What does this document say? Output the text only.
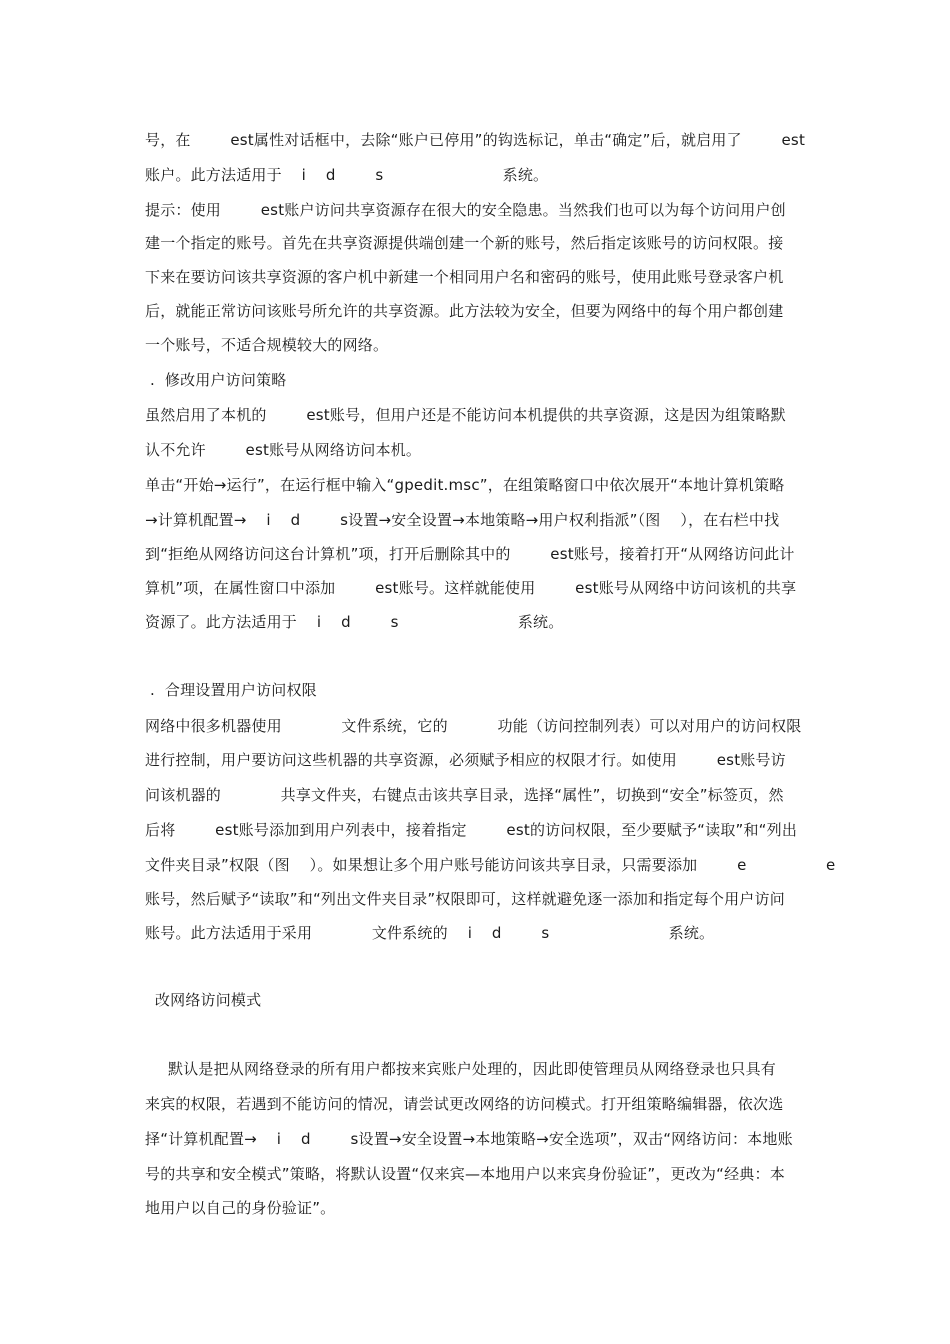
号，在        est属性对话框中，去除“账户已停用”的钩选标记，单击“确定”后，就启用了        est
账户。此方法适用于    i    d        s                        系统。
提示：使用        est账户访问共享资源存在很大的安全隐患。当然我们也可以为每个访问用户创
建一个指定的账号。首先在共享资源提供端创建一个新的账号，然后指定该账号的访问权限。接
下来在要访问该共享资源的客户机中新建一个相同用户名和密码的账号，使用此账号登录客户机
后，就能正常访问该账号所允许的共享资源。此方法较为安全，但要为网络中的每个用户都创建
一个账号，不适合规模较大的网络。
.  修改用户访问策略
虽然启用了本机的        est账号，但用户还是不能访问本机提供的共享资源，这是因为组策略默
认不允许        est账号从网络访问本机。
单击“开始→运行”，在运行框中输入“gpedit.msc”，在组策略窗口中依次展开“本地计算机策略
→计算机配置→    i    d        s设置→安全设置→本地策略→用户权利指派”（图    ），在右栏中找
到“拒绝从网络访问这台计算机”项，打开后删除其中的        est账号，接着打开“从网络访问此计
算机”项，在属性窗口中添加        est账号。这样就能使用        est账号从网络中访问该机的共享
资源了。此方法适用于    i    d        s                        系统。
.  合理设置用户访问权限
网络中很多机器使用            文件系统，它的          功能（访问控制列表）可以对用户的访问权限
进行控制，用户要访问这些机器的共享资源，必须赋予相应的权限才行。如使用        est账号访
问该机器的            共享文件夹，右键点击该共享目录，选择“属性”，切换到“安全”标签页，然
后将        est账号添加到用户列表中，接着指定        est的访问权限，至少要赋予“读取”和“列出
文件夹目录”权限（图    ）。如果想让多个用户账号能访问该共享目录，只需要添加        e                e
账号，然后赋予“读取”和“列出文件夹目录”权限即可，这样就避免逐一添加和指定每个用户访问
账号。此方法适用于采用            文件系统的    i    d        s                        系统。
改网络访问模式
默认是把从网络登录的所有用户都按来宾账户处理的，因此即使管理员从网络登录也只具有
来宾的权限，若遇到不能访问的情况，请尝试更改网络的访问模式。打开组策略编辑器，依次选
择“计算机配置→    i    d        s设置→安全设置→本地策略→安全选项”，双击“网络访问：本地账
号的共享和安全模式”策略，将默认设置“仅来宾—本地用户以来宾身份验证”，更改为“经典：本
地用户以自己的身份验证”。
